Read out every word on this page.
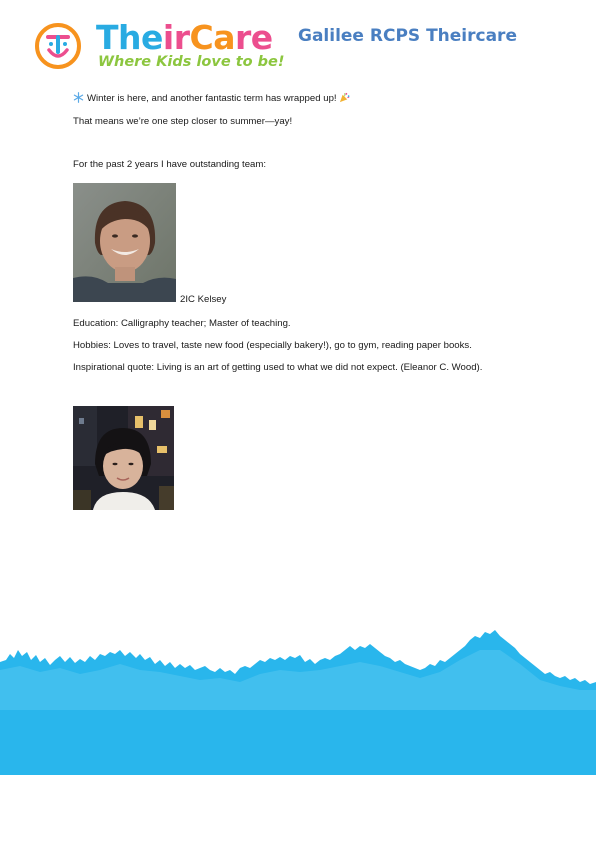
TheirCare
Where Kids love to be!
Galilee RCPS Theircare
Winter is here, and another fantastic term has wrapped up!
That means we’re one step closer to summer—yay!
For the past 2 years I have outstanding team:
2IC Kelsey
Education: Calligraphy teacher; Master of teaching.
Hobbies: Loves to travel, taste new food (especially bakery!), go to gym, reading paper books.
Inspirational quote: Living is an art of getting used to what we did not expect. (Eleanor C. Wood).
